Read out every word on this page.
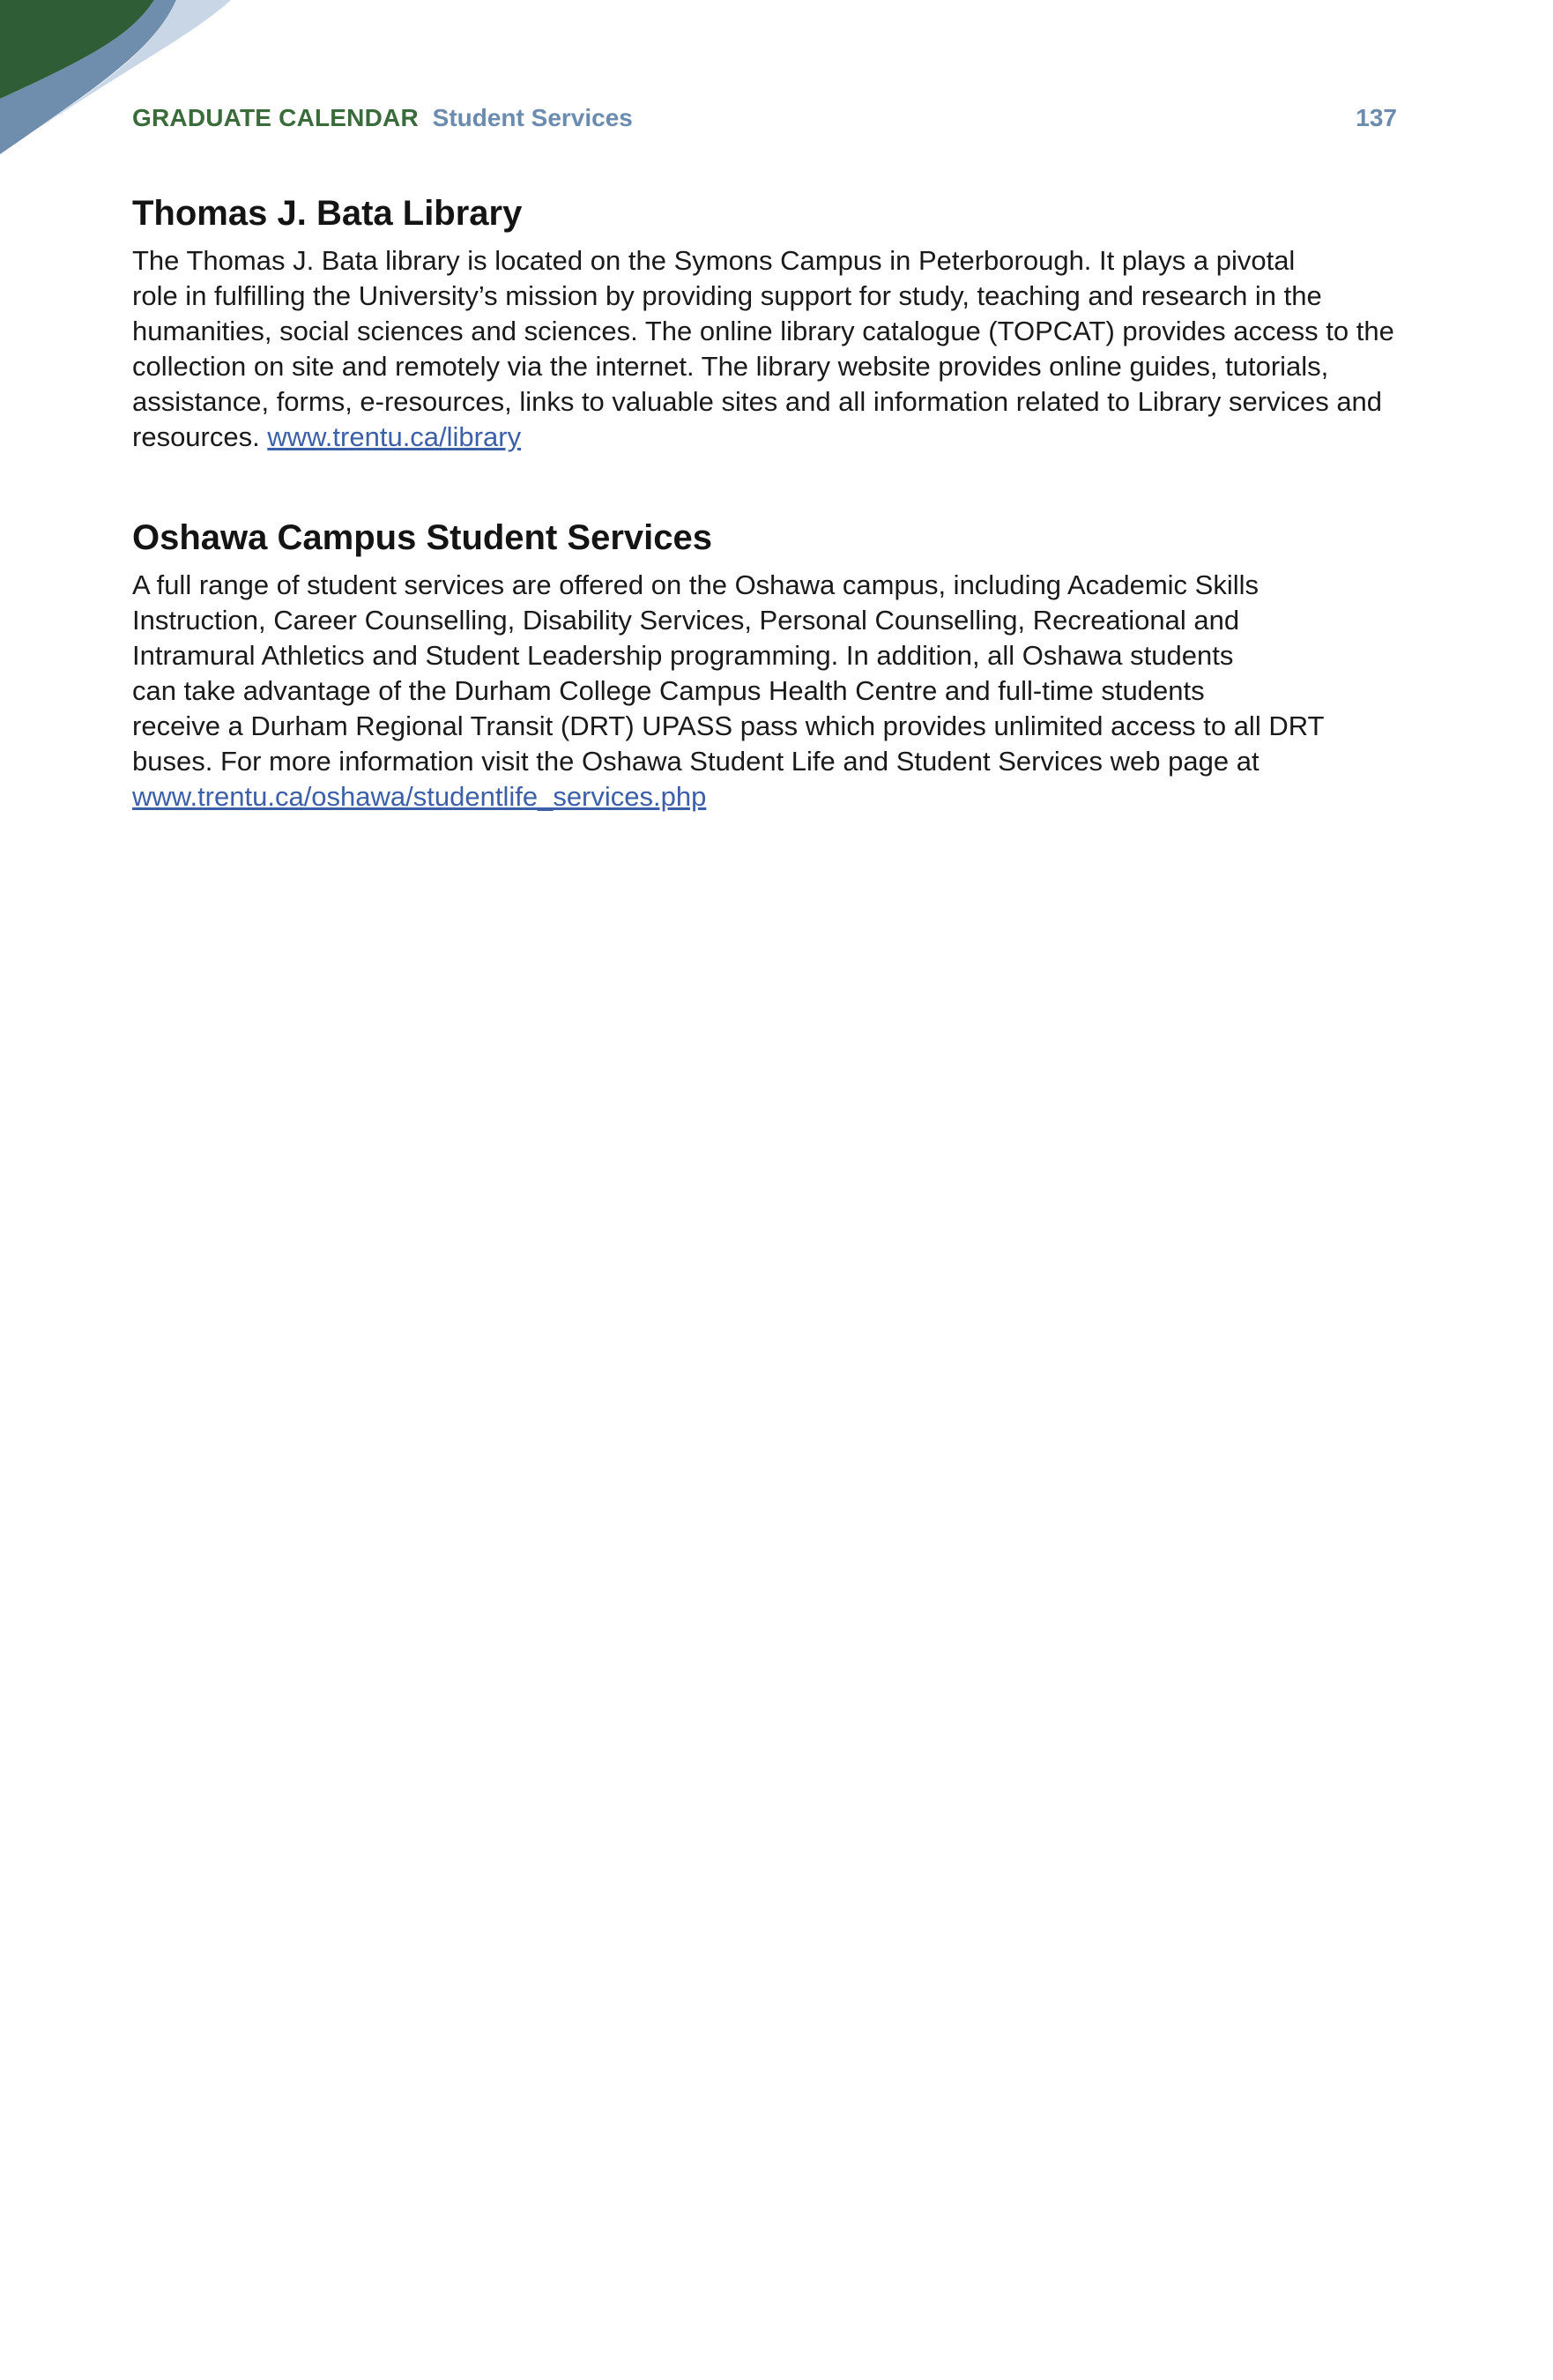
GRADUATE CALENDAR Student Services	137
Thomas J. Bata Library

The Thomas J. Bata library is located on the Symons Campus in Peterborough. It plays a pivotal
role in fulfilling the University’s mission by providing support for study, teaching and research in the
humanities, social sciences and sciences. The online library catalogue (TOPCAT) provides access to the
collection on site and remotely via the internet. The library website provides online guides, tutorials,
assistance, forms, e-resources, links to valuable sites and all information related to Library services and
resources. www.trentu.ca/library

Oshawa Campus Student Services

A full range of student services are offered on the Oshawa campus, including Academic Skills
Instruction, Career Counselling, Disability Services, Personal Counselling, Recreational and
Intramural Athletics and Student Leadership programming. In addition, all Oshawa students
can take advantage of the Durham College Campus Health Centre and full-time students
receive a Durham Regional Transit (DRT) UPASS pass which provides unlimited access to all DRT
buses. For more information visit the Oshawa Student Life and Student Services web page at
www.trentu.ca/oshawa/studentlife_services.php
